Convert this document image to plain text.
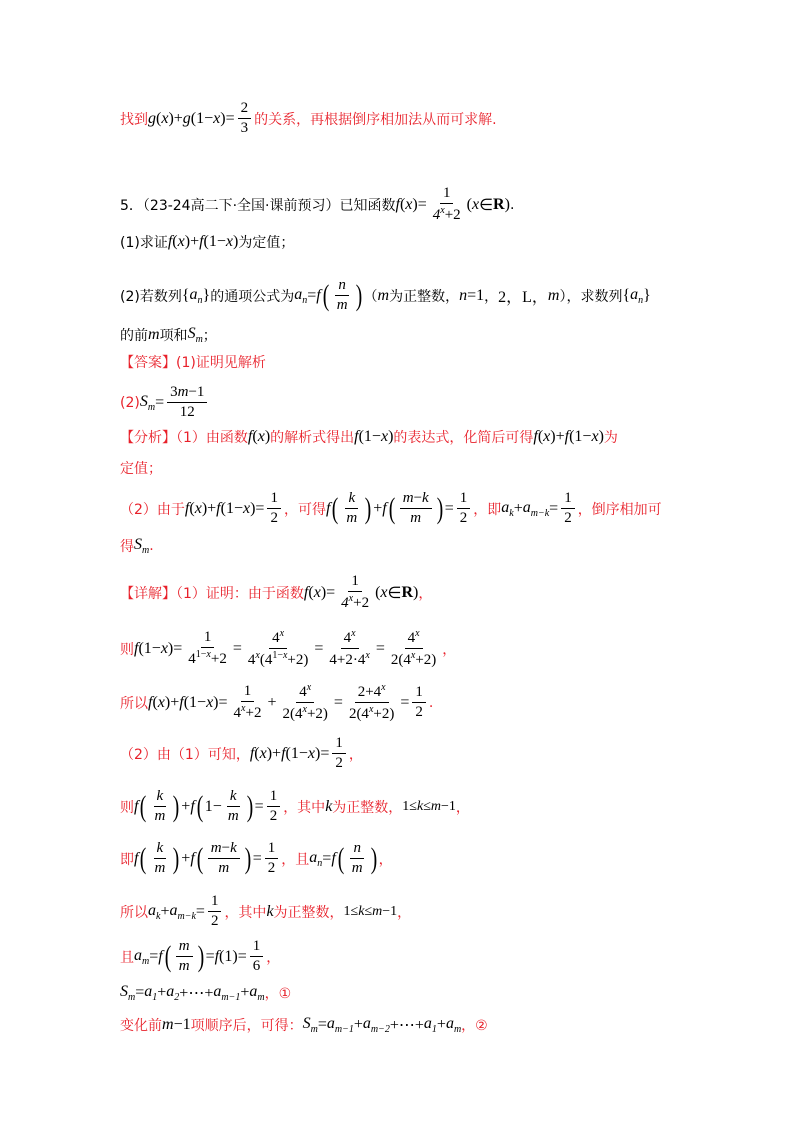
找到 g ( x )+ g (1− x )= $\frac{2}{3}$ 的关系，再根据倒序相加法从而可求解.
5．（23-24高二下·全国·课前预习）已知函数 f ( x )= $\frac{1}{4^x+2}$ ( x ∈ R ) .
(1)求证 f ( x )+ f (1− x ) 为定值；
(2)若数列 { $a_n$ } 的通项公式为 $a_n = f$ ( $\frac{n}{m}$ ) （ m 为正整数， n =1 ， 2，L， m ），求数列 { $a_n$ }
的前 m 项和 $S_m$ ；
【答案】(1)证明见解析
(2) $S_m = \frac{3m-1}{12}$
【分析】（1）由函数 f ( x ) 的解析式得出 f (1− x ) 的表达式，化简后可得 f ( x )+ f (1− x ) 为
定值；
（2）由于 f ( x )+ f (1− x )= $\frac{1}{2}$ ，可得 f ( $\frac{k}{m}$ ) + f ( $\frac{m-k}{m}$ ) = $\frac{1}{2}$ ，即 $a_k + a_{m-k} = \frac{1}{2}$ ，倒序相加可
得 $S_m$ .
【详解】（1）证明：由于函数 f ( x )= $\frac{1}{4^x+2}$ ( x ∈ R ) ，
则 f (1− x )= $\frac{1}{4^{1-x}+2} = \frac{4^x}{4^x(4^{1-x}+2)} = \frac{4^x}{4+2\cdot 4^x} = \frac{4^x}{2(4^x+2)}$ ，
所以 f ( x )+ f (1− x )= $\frac{1}{4^x+2} + \frac{4^x}{2(4^x+2)} = \frac{2+4^x}{2(4^x+2)} = \frac{1}{2}$ .
（2）由（1）可知， f ( x )+ f (1− x )= $\frac{1}{2}$ ，
则 f ( $\frac{k}{m}$ ) + f ( $1- \frac{k}{m}$ ) = $\frac{1}{2}$ ，其中 k 为正整数， 1≤k≤m−1 ，
即 f ( $\frac{k}{m}$ ) + f ( $\frac{m-k}{m}$ ) = $\frac{1}{2}$ ，且 $a_n = f$ ( $\frac{n}{m}$ ) ，
所以 $a_k + a_{m-k} = \frac{1}{2}$ ，其中 k 为正整数， 1≤k≤m−1 ，
且 $a_m = f$ ( $\frac{m}{m}$ ) = f $(1)= \frac{1}{6}$ ，
$S_m = a_1 + a_2$ +⋯+ $a_{m-1} + a_m$ ，①
变化前 m−1 项顺序后，可得： $S_m = a_{m-1} + a_{m-2}$ +⋯+ $a_1 + a_m$ ，②
